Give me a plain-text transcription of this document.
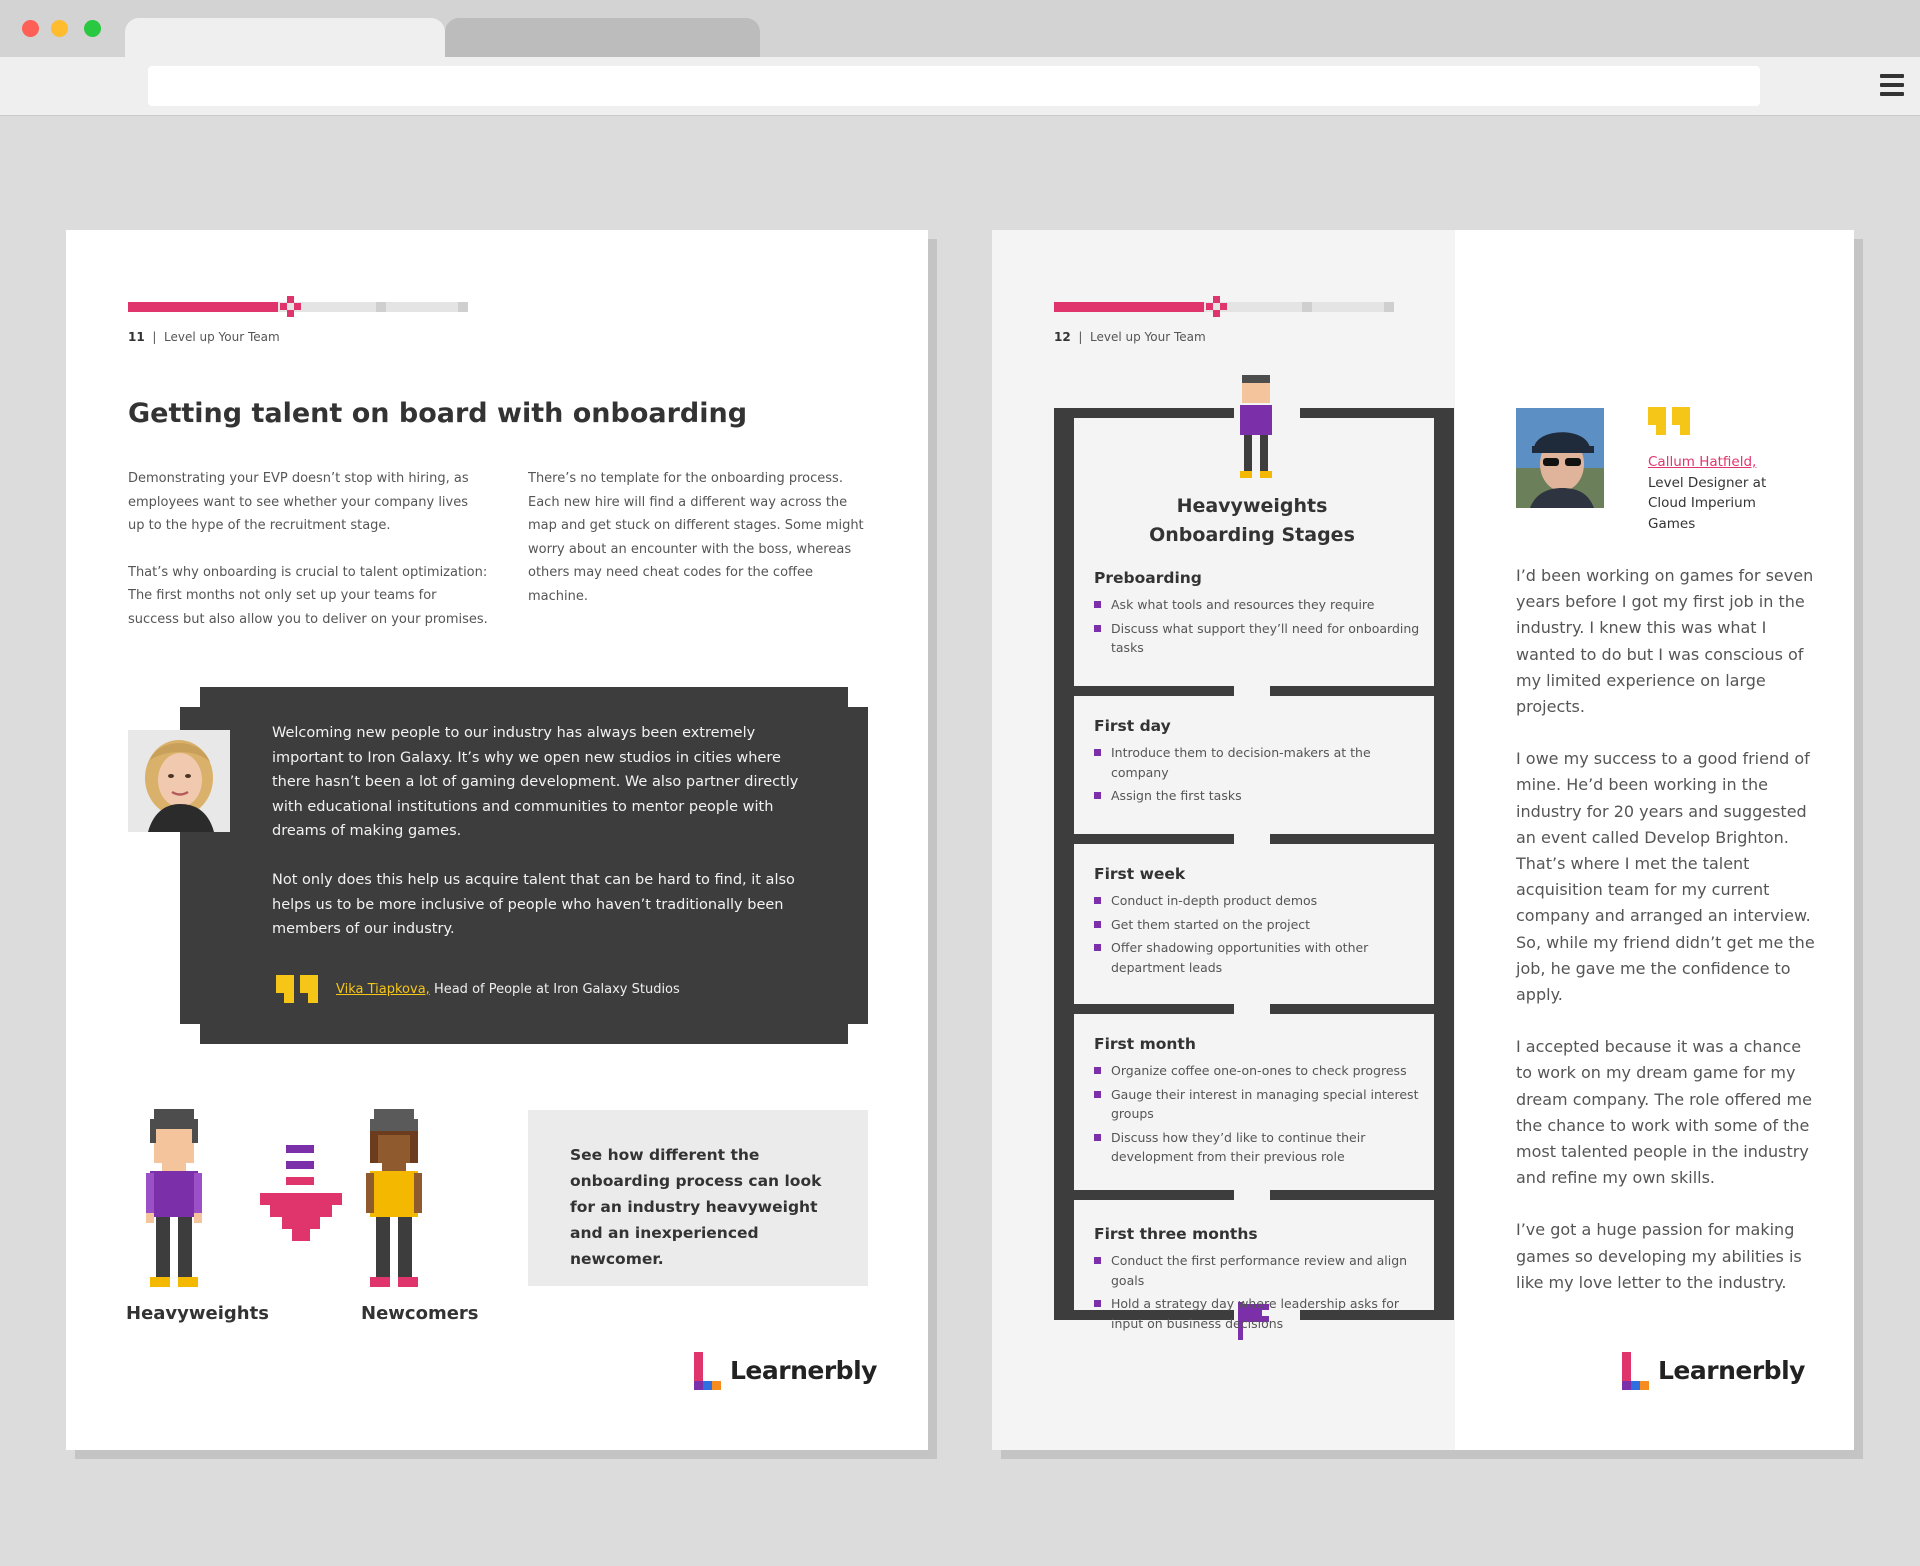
11  |  Level up Your Team
Getting talent on board with onboarding

Demonstrating your EVP doesn’t stop with hiring, as employees want to see whether your company lives up to the hype of the recruitment stage.

That’s why onboarding is crucial to talent optimization: The first months not only set up your teams for success but also allow you to deliver on your promises.

There’s no template for the onboarding process. Each new hire will find a different way across the map and get stuck on different stages. Some might worry about an encounter with the boss, whereas others may need cheat codes for the coffee machine.

Welcoming new people to our industry has always been extremely important to Iron Galaxy. It’s why we open new studios in cities where there hasn’t been a lot of gaming development. We also partner directly with educational institutions and communities to mentor people with dreams of making games.

Not only does this help us acquire talent that can be hard to find, it also helps us to be more inclusive of people who haven’t traditionally been members of our industry.

Vika Tiapkova, Head of People at Iron Galaxy Studios
Heavyweights	Newcomers
See how different the onboarding process can look for an industry heavyweight and an inexperienced newcomer.
Learnerbly
12  |  Level up Your Team
Heavyweights
Onboarding Stages
Preboarding
Ask what tools and resources they require
Discuss what support they’ll need for onboarding tasks
First day
Introduce them to decision-makers at the company
Assign the first tasks
First week
Conduct in-depth product demos
Get them started on the project
Offer shadowing opportunities with other department leads
First month
Organize coffee one-on-ones to check progress
Gauge their interest in managing special interest groups
Discuss how they’d like to continue their development from their previous role
First three months
Conduct the first performance review and align goals
Hold a strategy day where leadership asks for input on business decisions
Callum Hatfield,
Level Designer at Cloud Imperium Games

I’d been working on games for seven years before I got my first job in the industry. I knew this was what I wanted to do but I was conscious of my limited experience on large projects.

I owe my success to a good friend of mine. He’d been working in the industry for 20 years and suggested an event called Develop Brighton. That’s where I met the talent acquisition team for my current company and arranged an interview. So, while my friend didn’t get me the job, he gave me the confidence to apply.

I accepted because it was a chance to work on my dream game for my dream company. The role offered me the chance to work with some of the most talented people in the industry and refine my own skills.

I’ve got a huge passion for making games so developing my abilities is like my love letter to the industry.

Learnerbly
